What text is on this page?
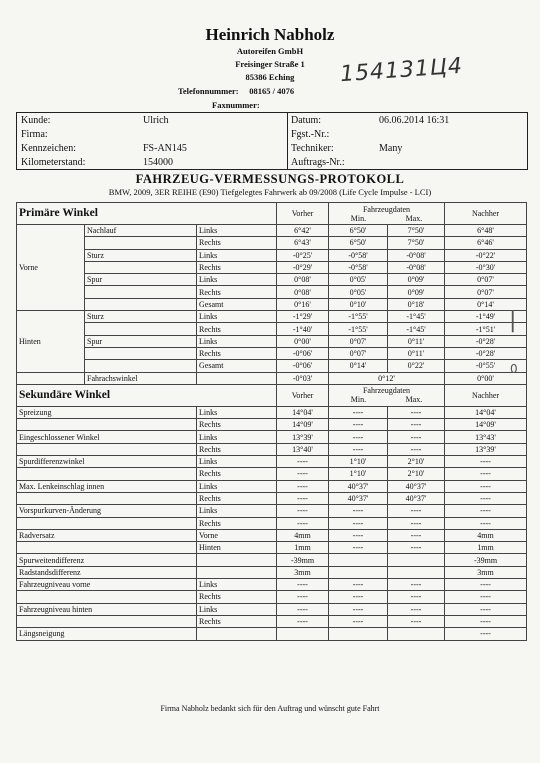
Heinrich Nabholz
Autoreifen GmbH
Freisinger Straße 1
85386 Eching
Telefonnummer:     08165 / 4076
Faxnummer:
154131Ц4
Kunde:	Ulrich	Datum:	06.06.2014 16:31
Firma:	Fgst.-Nr.:
Kennzeichen:	FS-AN145	Techniker:	Many
Kilometerstand:	154000	Auftrags-Nr.:
FAHRZEUG-VERMESSUNGS-PROTOKOLL
BMW, 2009, 3ER REIHE (E90) Tiefgelegtes Fahrwerk ab 09/2008 (Life Cycle Impulse - LCI)
Primäre Winkel			Vorher	Fahrzeugdaten
Min. Max.		Nachher
Vorne	Nachlauf	Links	6°42'	6°50'	7°50'	6°48'
		Rechts	6°43'	6°50'	7°50'	6°46'
	Sturz	Links	-0°25'	-0°58'	-0°08'	-0°22'
		Rechts	-0°29'	-0°58'	-0°08'	-0°30'
	Spur	Links	0°08'	0°05'	0°09'	0°07'
		Rechts	0°08'	0°05'	0°09'	0°07'
		Gesamt	0°16'	0°10'	0°18'	0°14'
Hinten	Sturz	Links	-1°29'	-1°55'	-1°45'	-1°49'
		Rechts	-1°40'	-1°55'	-1°45'	-1°51'
	Spur	Links	0°00'	0°07'	0°11'	-0°28'
		Rechts	-0°06'	0°07'	0°11'	-0°28'
		Gesamt	-0°06'	0°14'	0°22'	-0°55'
	Fahrachswinkel		-0°03'	0°12'		0°00'
Sekundäre Winkel			Vorher	Fahrzeugdaten
Min. Max.		Nachher
Spreizung		Links	14°04'	----	----	14°04'
		Rechts	14°09'	----	----	14°09'
Eingeschlossener Winkel		Links	13°39'	----	----	13°43'
		Rechts	13°40'	----	----	13°39'
Spurdifferenzwinkel		Links	----	1°10'	2°10'	----
		Rechts	----	1°10'	2°10'	----
Max. Lenkeinschlag innen		Links	----	40°37'	40°37'	----
		Rechts	----	40°37'	40°37'	----
Vorspurkurven-Änderung		Links	----	----	----	----
		Rechts	----	----	----	----
Radversatz		Vorne	4mm	----	----	4mm
		Hinten	1mm	----	----	1mm
Spurweitendifferenz			-39mm			-39mm
Radstandsdifferenz			3mm			3mm
Fahrzeugniveau vorne		Links	----	----	----	----
		Rechts	----	----	----	----
Fahrzeugniveau hinten		Links	----	----	----	----
		Rechts	----	----	----	----
Längsneigung						----
Firma Nabholz bedankt sich für den Auftrag und wünscht gute Fahrt
|
0
